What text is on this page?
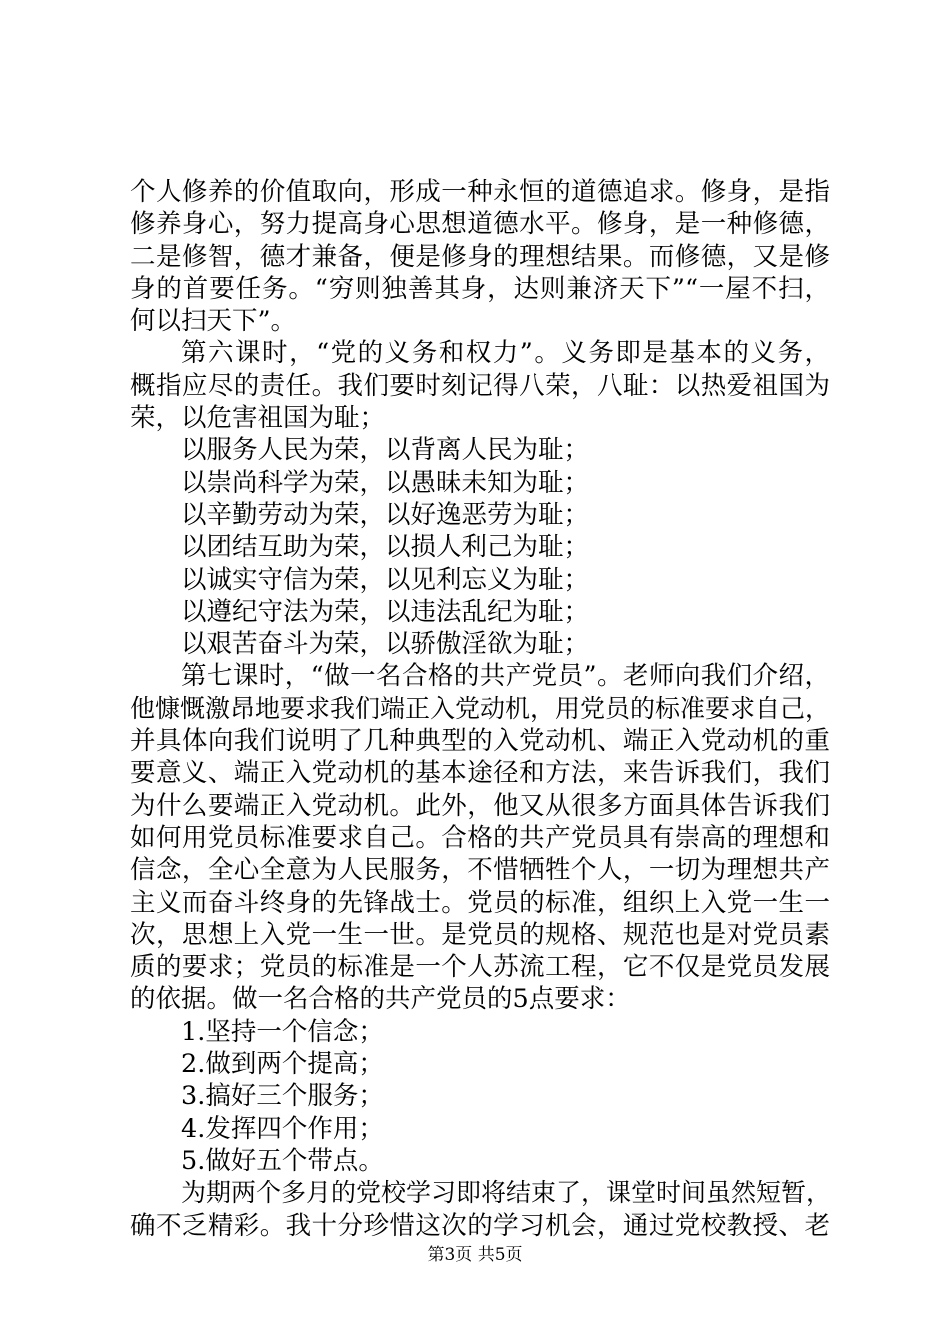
个人修养的价值取向，形成一种永恒的道德追求。修身，是指
修养身心，努力提高身心思想道德水平。修身，是一种修德，
二是修智，德才兼备，便是修身的理想结果。而修德，又是修
身的首要任务。“穷则独善其身，达则兼济天下”“一屋不扫，
何以扫天下”。
第六课时，“党的义务和权力”。义务即是基本的义务，
概指应尽的责任。我们要时刻记得八荣，八耻：以热爱祖国为
荣，以危害祖国为耻；
以服务人民为荣，以背离人民为耻；
以崇尚科学为荣，以愚昧未知为耻；
以辛勤劳动为荣，以好逸恶劳为耻；
以团结互助为荣，以损人利己为耻；
以诚实守信为荣，以见利忘义为耻；
以遵纪守法为荣，以违法乱纪为耻；
以艰苦奋斗为荣，以骄傲淫欲为耻；
第七课时，“做一名合格的共产党员”。老师向我们介绍，
他慷慨激昂地要求我们端正入党动机，用党员的标准要求自己，
并具体向我们说明了几种典型的入党动机、端正入党动机的重
要意义、端正入党动机的基本途径和方法，来告诉我们，我们
为什么要端正入党动机。此外，他又从很多方面具体告诉我们
如何用党员标准要求自己。合格的共产党员具有崇高的理想和
信念，全心全意为人民服务，不惜牺牲个人，一切为理想共产
主义而奋斗终身的先锋战士。党员的标准，组织上入党一生一
次，思想上入党一生一世。是党员的规格、规范也是对党员素
质的要求；党员的标准是一个人苏流工程，它不仅是党员发展
的依据。做一名合格的共产党员的5点要求：
1.坚持一个信念；
2.做到两个提高；
3.搞好三个服务；
4.发挥四个作用；
5.做好五个带点。
为期两个多月的党校学习即将结束了，课堂时间虽然短暂，
确不乏精彩。我十分珍惜这次的学习机会，通过党校教授、老
第3页 共5页
